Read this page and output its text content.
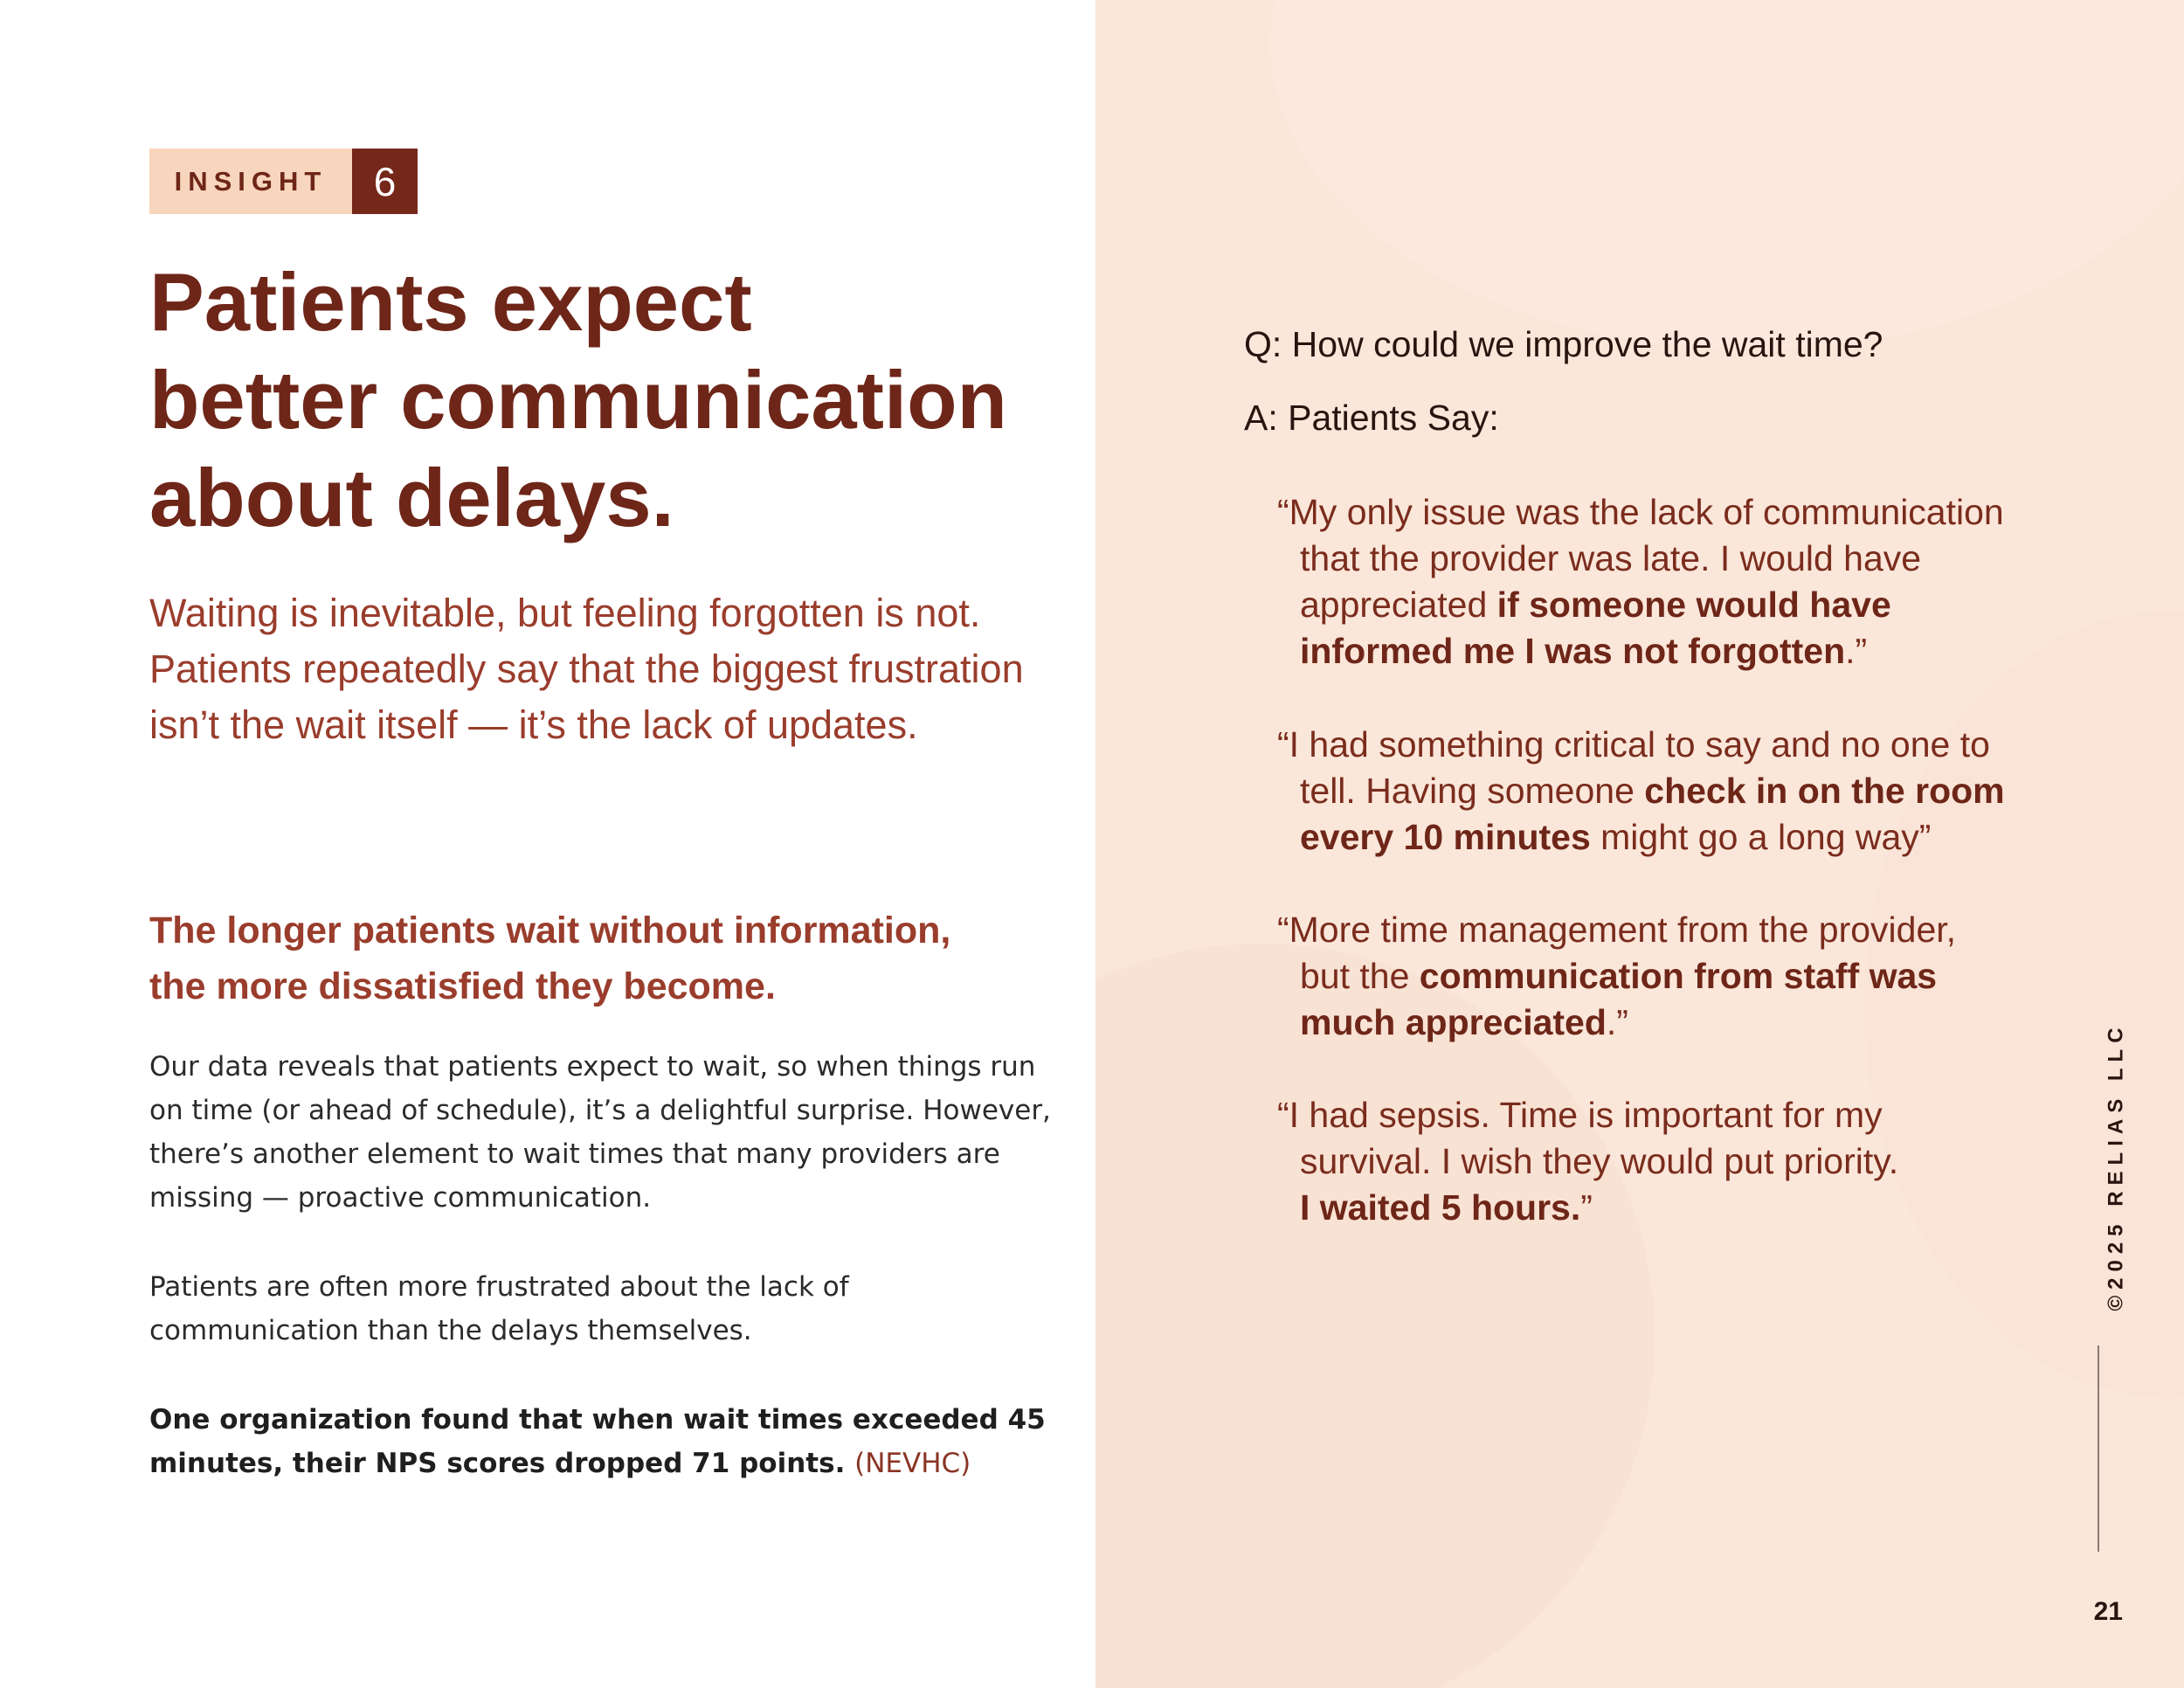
INSIGHT	6
Patients expect
better communication
about delays.
Waiting is inevitable, but feeling forgotten is not.
Patients repeatedly say that the biggest frustration
isn’t the wait itself — it’s the lack of updates.
The longer patients wait without information,
the more dissatisfied they become.
Our data reveals that patients expect to wait, so when things run
on time (or ahead of schedule), it’s a delightful surprise. However,
there’s another element to wait times that many providers are
missing — proactive communication.
Patients are often more frustrated about the lack of
communication than the delays themselves.
One organization found that when wait times exceeded 45
minutes, their NPS scores dropped 71 points. (NEVHC)
Q: How could we improve the wait time?
A: Patients Say:
“My only issue was the lack of communication
that the provider was late. I would have
appreciated if someone would have
informed me I was not forgotten.”
“I had something critical to say and no one to
tell. Having someone check in on the room
every 10 minutes might go a long way”
“More time management from the provider,
but the communication from staff was
much appreciated.”
“I had sepsis. Time is important for my
survival. I wish they would put priority.
I waited 5 hours.”	©2025 RELIAS LLC
21
